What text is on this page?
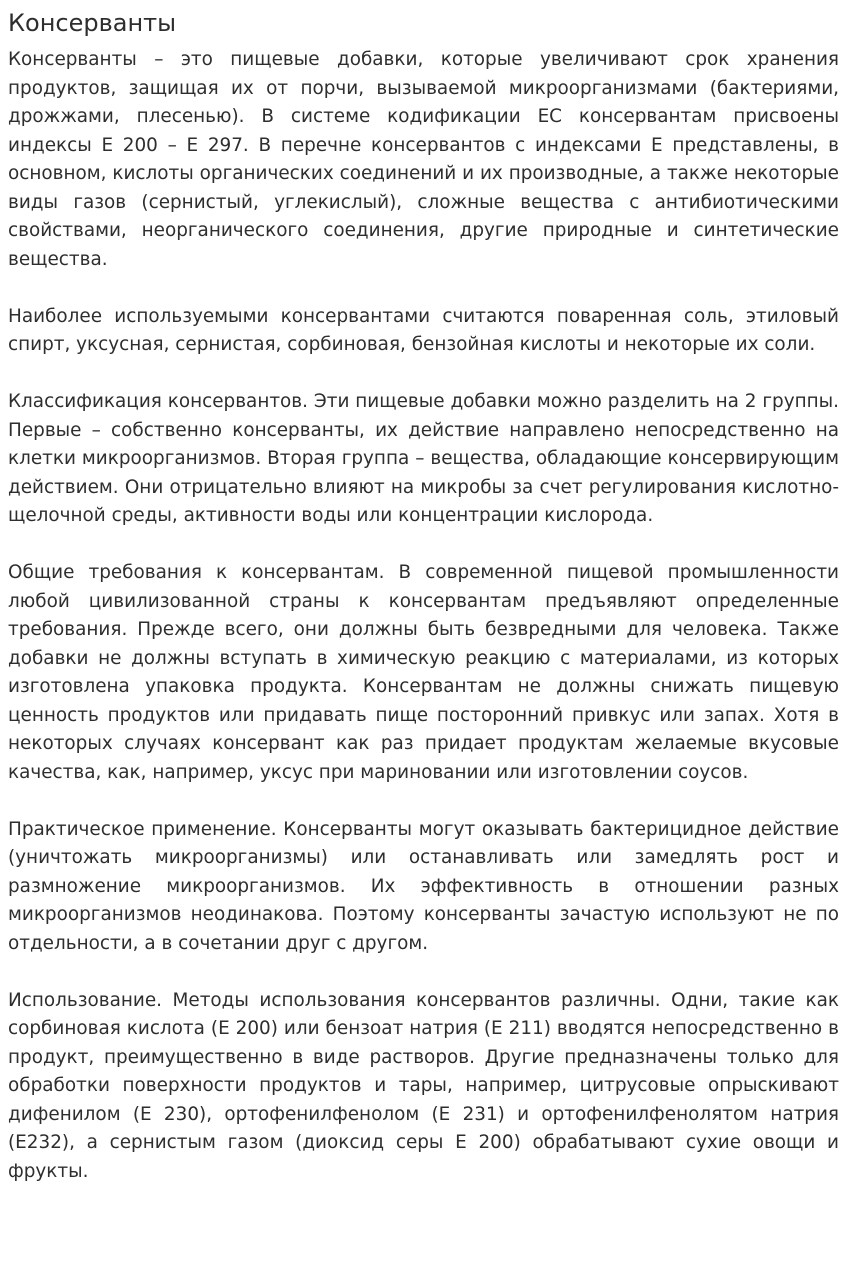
Консерванты

Консерванты – это пищевые добавки, которые увеличивают срок хранения продуктов, защищая их от порчи, вызываемой микроорганизмами (бактериями, дрожжами, плесенью). В системе кодификации ЕС консервантам присвоены индексы Е 200 – Е 297. В перечне консервантов с индексами Е представлены, в основном, кислоты органических соединений и их производные, а также некоторые виды газов (сернистый, углекислый), сложные вещества с антибиотическими свойствами, неорганического соединения, другие природные и синтетические вещества.

Наиболее используемыми консервантами считаются поваренная соль, этиловый спирт, уксусная, сернистая, сорбиновая, бензойная кислоты и некоторые их соли.

Классификация консервантов. Эти пищевые добавки можно разделить на 2 группы. Первые – собственно консерванты, их действие направлено непосредственно на клетки микроорганизмов. Вторая группа – вещества, обладающие консервирующим действием. Они отрицательно влияют на микробы за счет регулирования кислотно-щелочной среды, активности воды или концентрации кислорода.

Общие требования к консервантам. В современной пищевой промышленности любой цивилизованной страны к консервантам предъявляют определенные требования. Прежде всего, они должны быть безвредными для человека. Также добавки не должны вступать в химическую реакцию с материалами, из которых изготовлена упаковка продукта. Консервантам не должны снижать пищевую ценность продуктов или придавать пище посторонний привкус или запах. Хотя в некоторых случаях консервант как раз придает продуктам желаемые вкусовые качества, как, например, уксус при мариновании или изготовлении соусов.

Практическое применение. Консерванты могут оказывать бактерицидное действие (уничтожать микроорганизмы) или останавливать или замедлять рост и размножение микроорганизмов. Их эффективность в отношении разных микроорганизмов неодинакова. Поэтому консерванты зачастую используют не по отдельности, а в сочетании друг с другом.

Использование. Методы использования консервантов различны. Одни, такие как сорбиновая кислота (Е 200) или бензоат натрия (Е 211) вводятся непосредственно в продукт, преимущественно в виде растворов. Другие предназначены только для обработки поверхности продуктов и тары, например, цитрусовые опрыскивают дифенилом (Е 230), ортофенилфенолом (Е 231) и ортофенилфенолятом натрия (Е232), а сернистым газом (диоксид серы Е 200) обрабатывают сухие овощи и фрукты.
